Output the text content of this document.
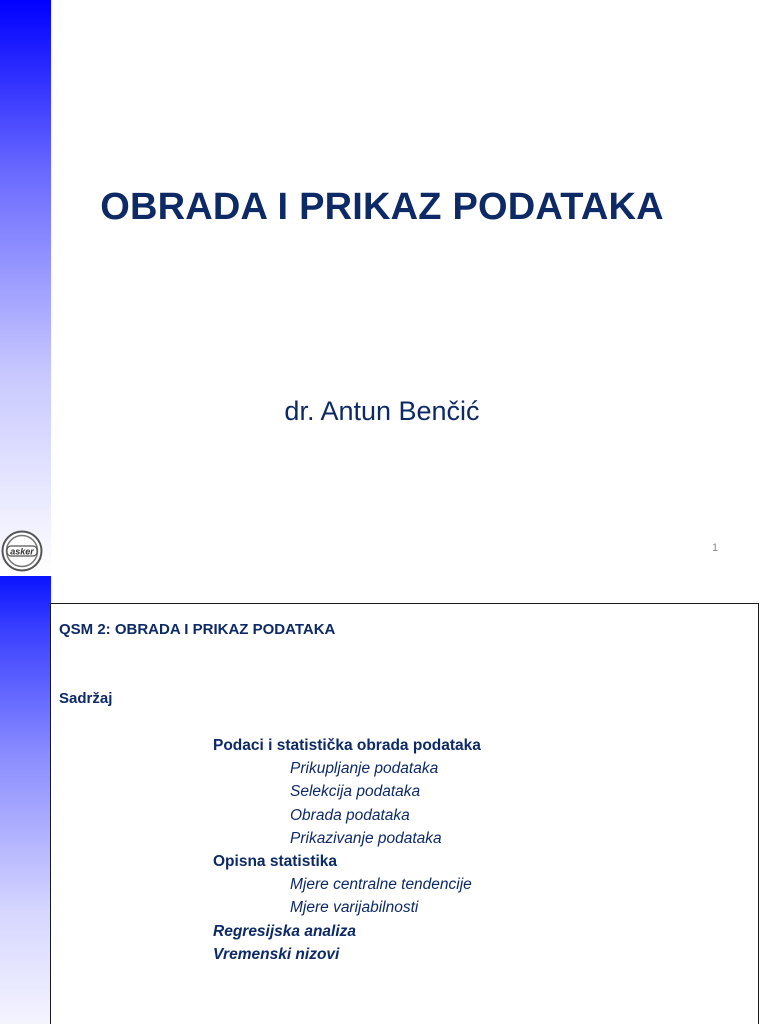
OBRADA I PRIKAZ PODATAKA
dr. Antun Benčić
asker	1
QSM 2: OBRADA I PRIKAZ PODATAKA
Sadržaj
Podaci i statistička obrada podataka
Prikupljanje podataka
Selekcija podataka
Obrada podataka
Prikazivanje podataka
Opisna statistika
Mjere centralne tendencije
Mjere varijabilnosti
Regresijska analiza
Vremenski nizovi
